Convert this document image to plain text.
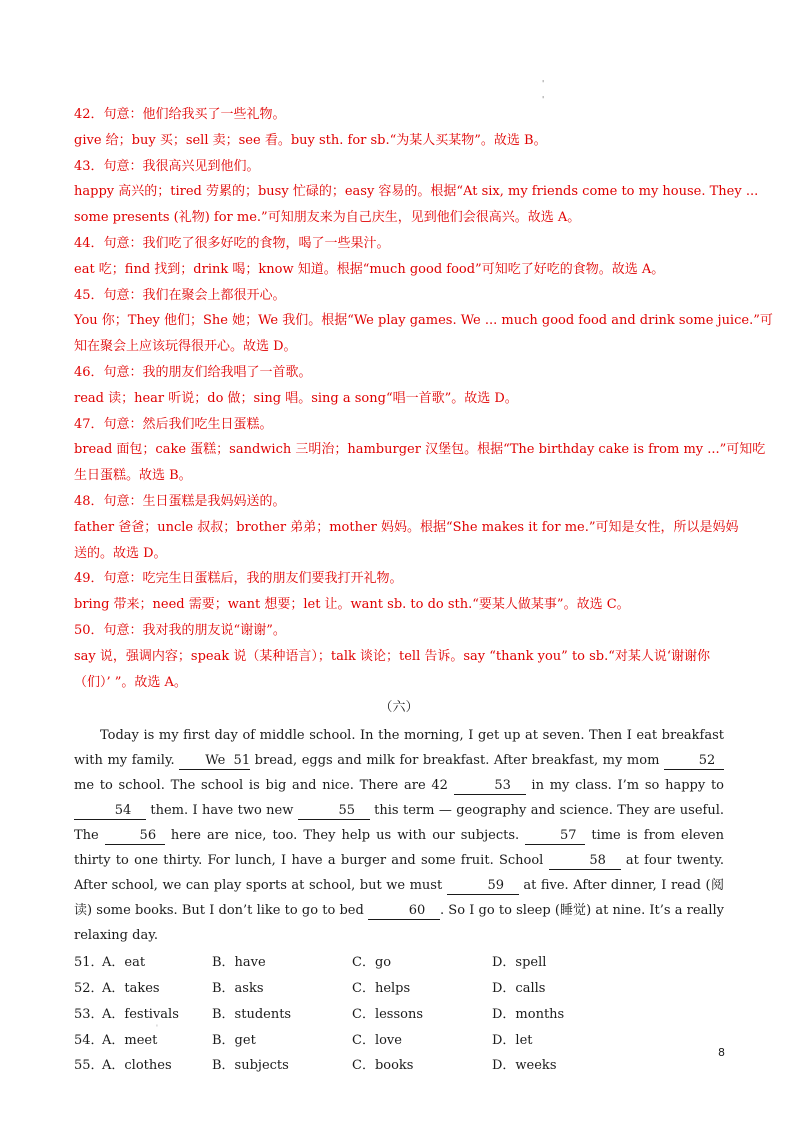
'
'
42．句意：他们给我买了一些礼物。
give 给；buy 买；sell 卖；see 看。buy sth. for sb.“为某人买某物”。故选 B。
43．句意：我很高兴见到他们。
happy 高兴的；tired 劳累的；busy 忙碌的；easy 容易的。根据“At six, my friends come to my house. They ...
some presents (礼物) for me.”可知朋友来为自己庆生，见到他们会很高兴。故选 A。
44．句意：我们吃了很多好吃的食物，喝了一些果汁。
eat 吃；find 找到；drink 喝；know 知道。根据“much good food”可知吃了好吃的食物。故选 A。
45．句意：我们在聚会上都很开心。
You 你；They 他们；She 她；We 我们。根据“We play games. We ... much good food and drink some juice.”可
知在聚会上应该玩得很开心。故选 D。
46．句意：我的朋友们给我唱了一首歌。
read 读；hear 听说；do 做；sing 唱。sing a song“唱一首歌”。故选 D。
47．句意：然后我们吃生日蛋糕。
bread 面包；cake 蛋糕；sandwich 三明治；hamburger 汉堡包。根据“The birthday cake is from my ...”可知吃
生日蛋糕。故选 B。
48．句意：生日蛋糕是我妈妈送的。
father 爸爸；uncle 叔叔；brother 弟弟；mother 妈妈。根据“She makes it for me.”可知是女性，所以是妈妈
送的。故选 D。
49．句意：吃完生日蛋糕后，我的朋友们要我打开礼物。
bring 带来；need 需要；want 想要；let 让。want sb. to do sth.“要某人做某事”。故选 C。
50．句意：我对我的朋友说“谢谢”。
say 说，强调内容；speak 说（某种语言）；talk 谈论；tell 告诉。say “thank you” to sb.“对某人说‘谢谢你
（们）’ ”。故选 A。
（六）
Today is my first day of middle school. In the morning, I get up at seven. Then I eat breakfast with my family. We 51 bread, eggs and milk for breakfast. After breakfast, my mom	52 me to school. The school is big and nice. There are 42	53 in my class. I’m so happy to 54 them. I have two new	55 this term — geography and science. They are useful. The	56 here are nice, too. They help us with our subjects.	57 time is from eleven thirty to one thirty. For lunch, I have a burger and some fruit. School	58 at four twenty. After school, we can play sports at school, but we must	59 at five. After dinner, I read (阅读) some books. But I don’t like to go to bed	60 . So I go to sleep (睡觉) at nine. It’s a really relaxing day.
51．
A．eat	B．have	C．go	D．spell
52．
A．takes	B．asks	C．helps	D．calls
53．
A．festivals	B．students	C．lessons	D．months
54．
A．meet	B．get	C．love	D．let
55．
A．clothes	B．subjects	C．books	D．weeks
'
8
